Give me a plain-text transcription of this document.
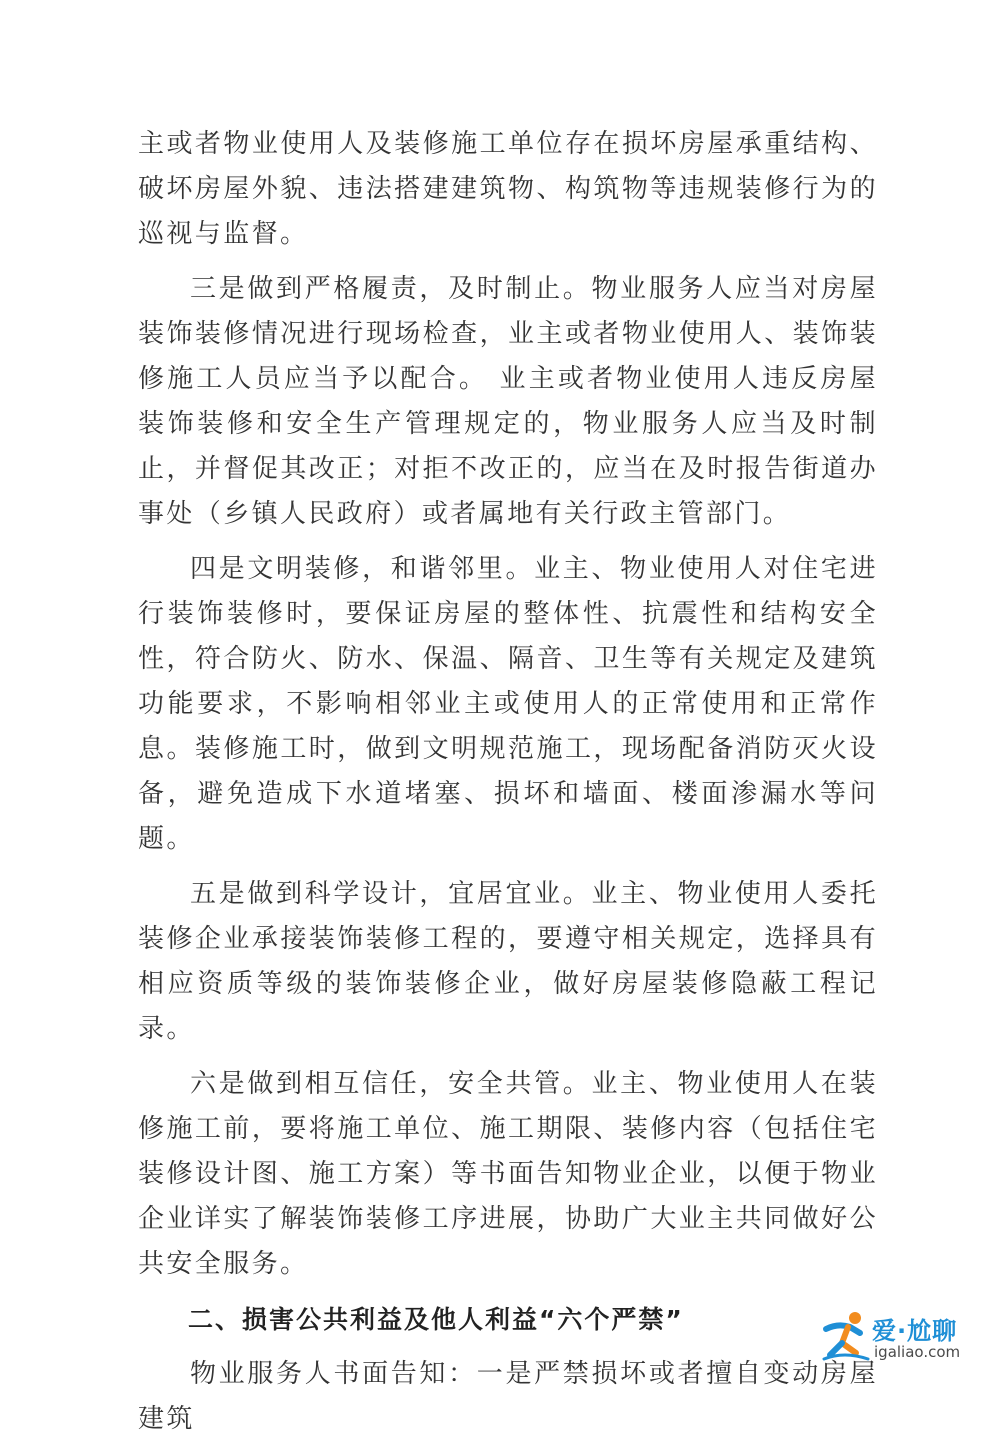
主或者物业使用人及装修施工单位存在损坏房屋承重结构、破坏房屋外貌、违法搭建建筑物、构筑物等违规装修行为的巡视与监督。

三是做到严格履责，及时制止。物业服务人应当对房屋装饰装修情况进行现场检查，业主或者物业使用人、装饰装修施工人员应当予以配合。 业主或者物业使用人违反房屋装饰装修和安全生产管理规定的，物业服务人应当及时制止，并督促其改正；对拒不改正的，应当在及时报告街道办事处（乡镇人民政府）或者属地有关行政主管部门。

四是文明装修，和谐邻里。业主、物业使用人对住宅进行装饰装修时，要保证房屋的整体性、抗震性和结构安全性，符合防火、防水、保温、隔音、卫生等有关规定及建筑功能要求，不影响相邻业主或使用人的正常使用和正常作息。装修施工时，做到文明规范施工，现场配备消防灭火设备，避免造成下水道堵塞、损坏和墙面、楼面渗漏水等问题。

五是做到科学设计，宜居宜业。业主、物业使用人委托装修企业承接装饰装修工程的，要遵守相关规定，选择具有相应资质等级的装饰装修企业，做好房屋装修隐蔽工程记录。

六是做到相互信任，安全共管。业主、物业使用人在装修施工前，要将施工单位、施工期限、装修内容（包括住宅装修设计图、施工方案）等书面告知物业企业，以便于物业企业详实了解装饰装修工序进展，协助广大业主共同做好公共安全服务。

二、损害公共利益及他人利益“六个严禁”

物业服务人书面告知：一是严禁损坏或者擅自变动房屋建筑

爱·尬聊
igaliao.com
